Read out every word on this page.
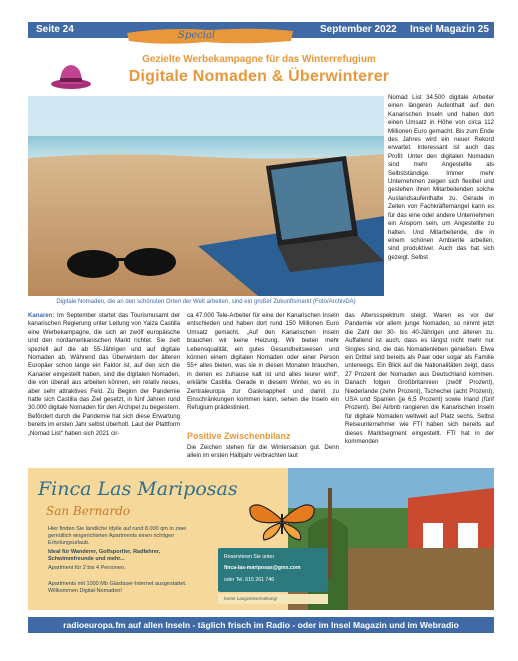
Seite 24	September 2022 Insel Magazin 25
Special
Gezielte Werbekampagne für das Winterrefugium
Digitale Nomaden & Überwinterer
Digitale Nomaden, die an den schönsten Orten der Welt arbeiten, sind ein großer Zukunftsmarkt (Foto/ArchivDA)

Kanaren: Im September startet das Tourismusamt der kanarischen Regierung unter Leitung von Yaiza Castilla eine Werbekampagne, die sich an zwölf europäische und den nordamerikanischen Markt richtet. Sie zielt speziell auf die ab 55-Jährigen und auf digitale Nomaden ab. Während das Überwintern der älteren Europäer schon lange ein Faktor ist, auf den sich die Kanarier eingestellt haben, sind die digitalen Nomaden, die von überall aus arbeiten können, ein relativ neues, aber sehr attraktives Feld. Zu Beginn der Pandemie hatte sich Castilla das Ziel gesetzt, in fünf Jahren rund 30.000 digitale Nomaden für den Archipel zu begeistern. Befördert durch die Pandemie hat sich diese Erwartung bereits im ersten Jahr selbst überholt. Laut der Plattform „Nomad List“ haben sich 2021 cir-

ca 47.000 Tele-Arbeiter für eine der Kanarischen Inseln entschieden und haben dort rund 150 Millionen Euro Umsatz gemacht. „Auf den Kanarischen Inseln brauchen wir keine Heizung. Wir bieten mehr Lebensqualität, ein gutes Gesundheitswesen und können einem digitalen Nomaden oder einer Person 55+ alles bieten, was sie in diesen Monaten brauchen, in denen es zuhause kalt ist und alles teurer wird“, erklärte Castilla. Gerade in diesem Winter, wo es in Zentraleuropa zur Gasknappheit und damit zu Einschränkungen kommen kann, sehen die Inseln ein Refugium prädestiniert.

Positive Zwischenbilanz

Die Zeichen stehen für die Wintersaison gut. Denn allein im ersten Halbjahr verbrachten laut

Nomad List 34.500 digitale Arbeiter einen längeren Aufenthalt auf den Kanarischen Inseln und haben dort einen Umsatz in Höhe von circa 112 Millionen Euro gemacht. Bis zum Ende des Jahres wird ein neuer Rekord erwartet. Interessant ist auch das Profil: Unter den digitalen Nomaden sind mehr Angestellte als Selbstständige. Immer mehr Unternehmen zeigen sich flexibel und gestehen ihren Mitarbeitenden solche Auslandsaufenthalte zu. Gerade in Zeiten von Fachkräftemangel kann es für das eine oder andere Unternehmen ein Ansporn sein, um Angestellte zu halten. Und Mitarbeitende, die in einem schönen Ambiente arbeiten, sind produktiver. Auch das hat sich gezeigt. Selbst

das Alterssspektrum steigt. Waren es vor der Pandemie vor allem junge Nomaden, so nimmt jetzt die Zahl der 30- bis 40-Jährigen und älteren zu. Auffallend ist auch, dass es längst nicht mehr nur Singles sind, die das Nomadenleben genießen. Etwa ein Drittel sind bereits als Paar oder sogar als Familie unterwegs. Ein Blick auf die Nationalitäten zeigt, dass 27 Prozent der Nomaden aus Deutschland kommen. Danach folgen Großbritannien (zwölf Prozent), Niederlande (zehn Prozent), Tschechei (acht Prozent), USA und Spanien (je 6,5 Prozent) sowie Irland (fünf Prozent). Bei Airbnb rangieren die Kanarischen Inseln für digitale Nomaden weltweit auf Platz sechs. Selbst Reiseunternehmer wie FTI haben sich bereits auf dieses Marktsegment eingestellt. FTI hat in der kommenden

Finca Las Mariposas
San Bernardo
Hier finden Sie ländliche Idylle auf rund 8.000 qm in zwei gemütlich eingerichteten Apartments einen richtigen Erholungsurlaub.
Ideal für Wanderer, Golfsportler, Radfahrer, Schwimmfreunde und mehr...
Apartment für 2 bis 4 Personen.
Apartments mit 1000 Mb Glasfaser-Internet ausgestattet. Willkommen Digital-Nomaden!
Reservieren Sie unter
finca-las-mariposas@gmx.com
oder Tel. 615 261 746
Keine Langzeitvermietung!
radioeuropa.fm auf allen Inseln - täglich frisch im Radio - oder im Insel Magazin und im Webradio
